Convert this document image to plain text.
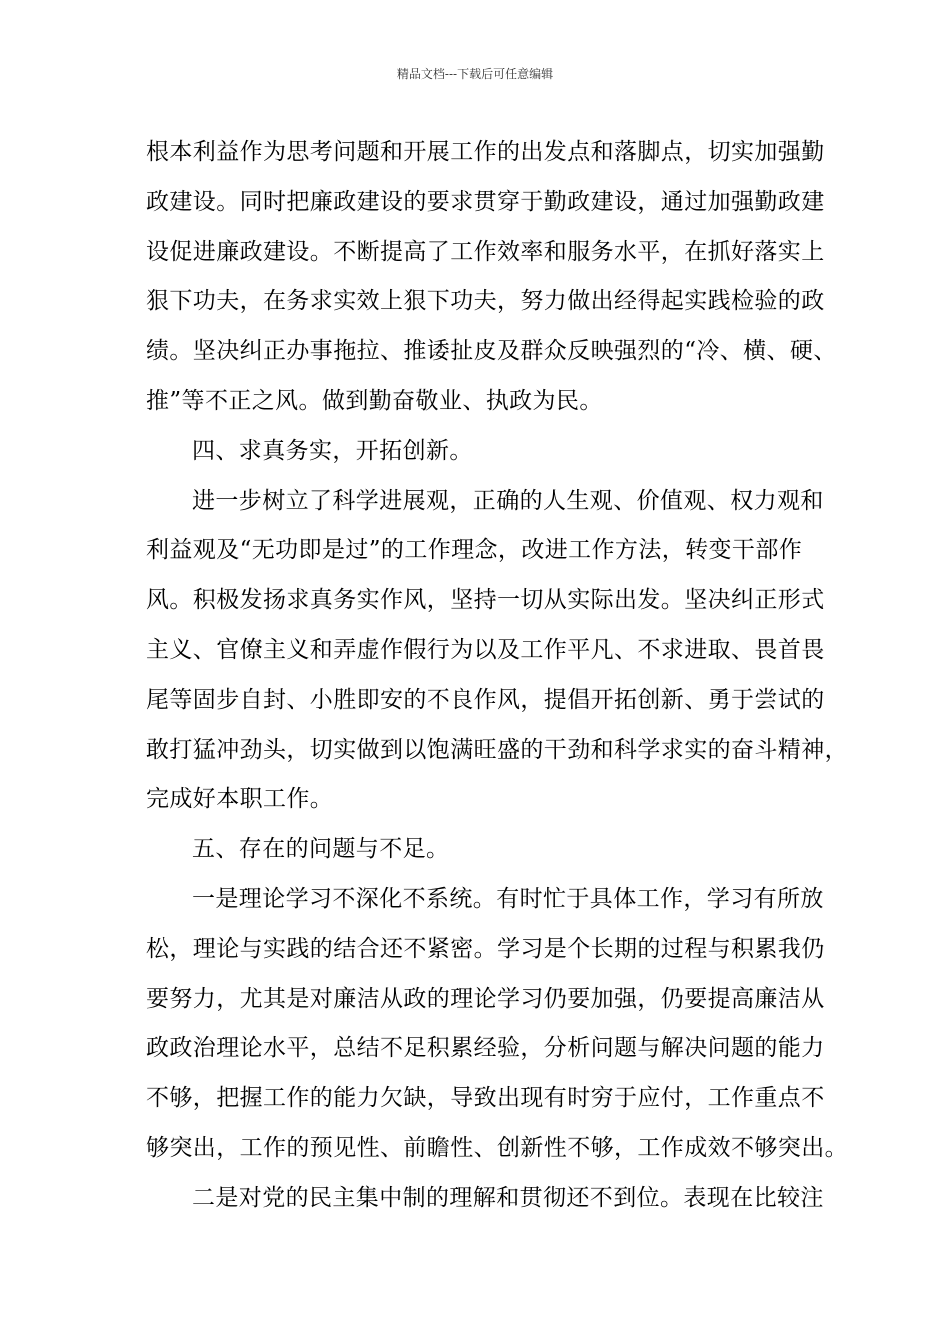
精品文档---下载后可任意编辑
根本利益作为思考问题和开展工作的出发点和落脚点，切实加强勤
政建设。同时把廉政建设的要求贯穿于勤政建设，通过加强勤政建
设促进廉政建设。不断提高了工作效率和服务水平，在抓好落实上
狠下功夫，在务求实效上狠下功夫，努力做出经得起实践检验的政
绩。坚决纠正办事拖拉、推诿扯皮及群众反映强烈的“冷、横、硬、
推”等不正之风。做到勤奋敬业、执政为民。
四、求真务实，开拓创新。
进一步树立了科学进展观，正确的人生观、价值观、权力观和
利益观及“无功即是过”的工作理念，改进工作方法，转变干部作
风。积极发扬求真务实作风，坚持一切从实际出发。坚决纠正形式
主义、官僚主义和弄虚作假行为以及工作平凡、不求进取、畏首畏
尾等固步自封、小胜即安的不良作风，提倡开拓创新、勇于尝试的
敢打猛冲劲头，切实做到以饱满旺盛的干劲和科学求实的奋斗精神，
完成好本职工作。
五、存在的问题与不足。
一是理论学习不深化不系统。有时忙于具体工作，学习有所放
松，理论与实践的结合还不紧密。学习是个长期的过程与积累我仍
要努力，尤其是对廉洁从政的理论学习仍要加强，仍要提高廉洁从
政政治理论水平，总结不足积累经验，分析问题与解决问题的能力
不够，把握工作的能力欠缺，导致出现有时穷于应付，工作重点不
够突出，工作的预见性、前瞻性、创新性不够，工作成效不够突出。
二是对党的民主集中制的理解和贯彻还不到位。表现在比较注
